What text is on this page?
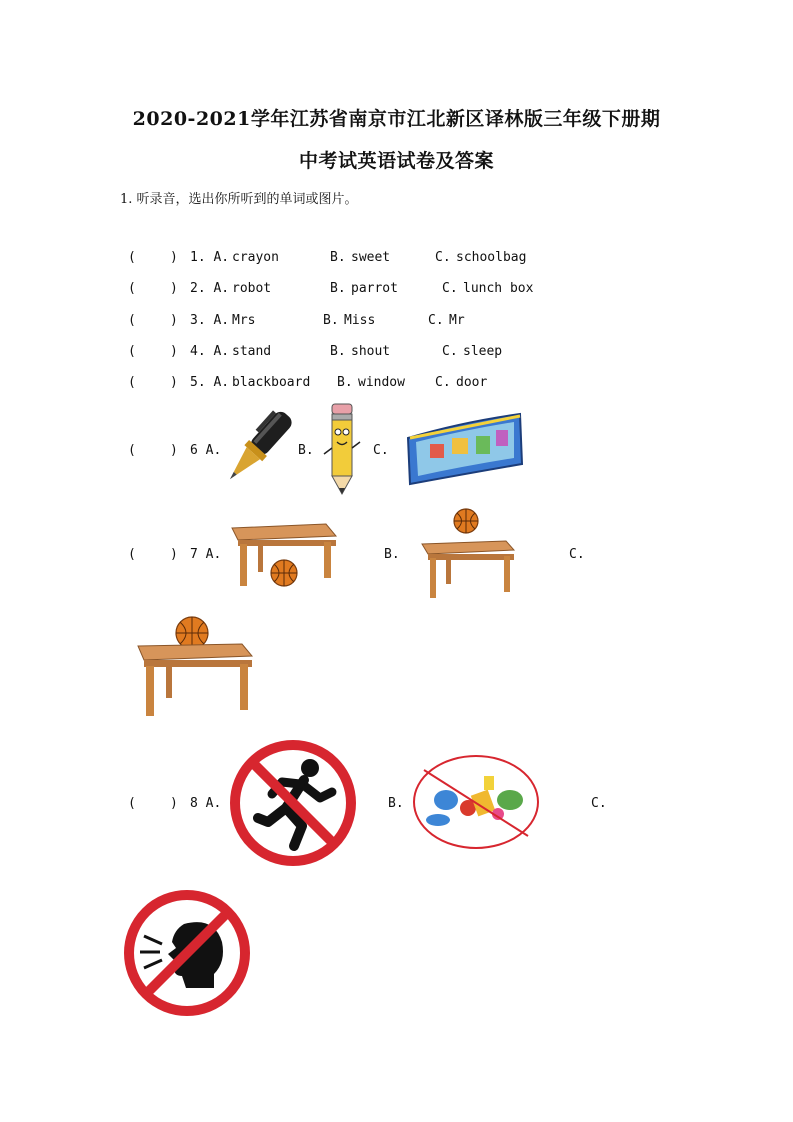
2020-2021学年江苏省南京市江北新区译林版三年级下册期
中考试英语试卷及答案
1. 听录音，选出你所听到的单词或图片。
(	) 1. A. crayon	B. sweet	C. schoolbag
(	) 2. A. robot	B. parrot	C. lunch box
(	) 3. A. Mrs	B. Miss	C. Mr
(	) 4. A. stand	B. shout	C. sleep
(	) 5. A. blackboard B. window C. door
(	) 6 A.	B.	C.
(	) 7 A.	B.	C.
(	) 8 A.	B.	C.
